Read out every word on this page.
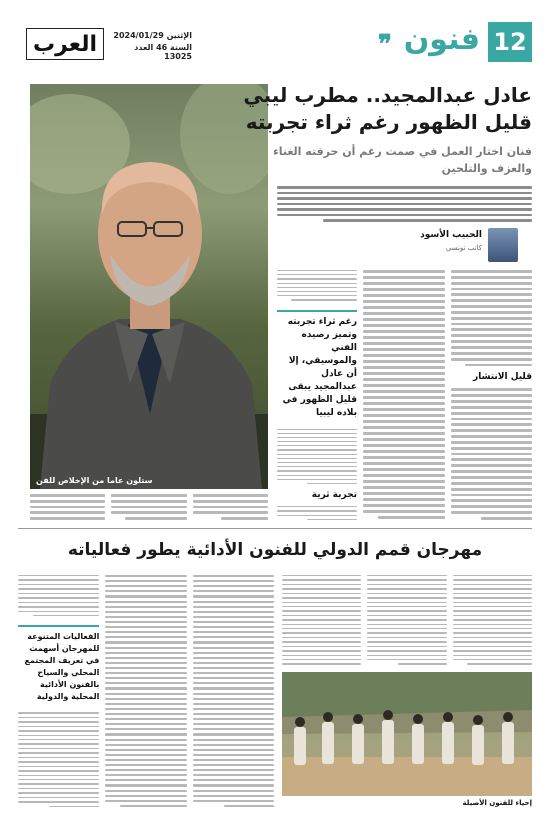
12
فنون
❞
العرب	الإثنين 2024/01/29
السنة 46 العدد 13025
ستلون عاما من الإخلاص للفن
عادل عبدالمجيد.. مطرب ليبي
قليل الظهور رغم ثراء تجربته
فنان اختار العمل في صمت رغم أن حرفته الغناء
والعزف والتلحين
الحبيب الأسود
كاتب تونسي
قليل الانتشار
رغم ثراء تجربته وتميز رصيده الفني والموسيقي، إلا أن عادل عبدالمجيد يبقى قليل الظهور في بلاده ليبيا
تجربة ثرية
مهرجان قمم الدولي للفنون الأدائية يطور فعالياته
إحياء للفنون الأصيلة
الفعاليات المتنوعة للمهرجان أسهمت في تعريف المجتمع المحلي والسياح بالفنون الأدائية المحلية والدولية
